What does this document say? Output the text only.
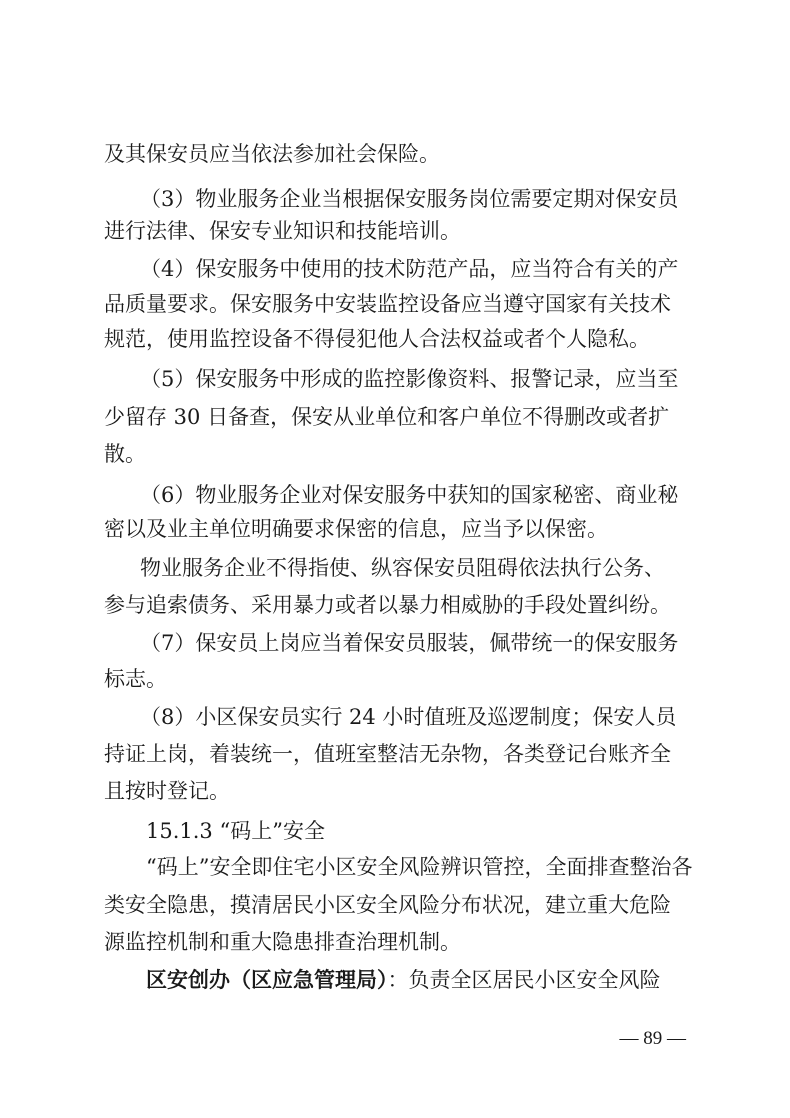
及其保安员应当依法参加社会保险。
（3）物业服务企业当根据保安服务岗位需要定期对保安员
进行法律、保安专业知识和技能培训。
（4）保安服务中使用的技术防范产品，应当符合有关的产
品质量要求。保安服务中安装监控设备应当遵守国家有关技术
规范，使用监控设备不得侵犯他人合法权益或者个人隐私。
（5）保安服务中形成的监控影像资料、报警记录，应当至
少留存 30 日备查，保安从业单位和客户单位不得删改或者扩
散。
（6）物业服务企业对保安服务中获知的国家秘密、商业秘
密以及业主单位明确要求保密的信息，应当予以保密。
物业服务企业不得指使、纵容保安员阻碍依法执行公务、
参与追索债务、采用暴力或者以暴力相威胁的手段处置纠纷。
（7）保安员上岗应当着保安员服装，佩带统一的保安服务
标志。
（8）小区保安员实行 24 小时值班及巡逻制度；保安人员
持证上岗，着装统一，值班室整洁无杂物，各类登记台账齐全
且按时登记。
15.1.3 “码上”安全
“码上”安全即住宅小区安全风险辨识管控，全面排查整治各
类安全隐患，摸清居民小区安全风险分布状况，建立重大危险
源监控机制和重大隐患排查治理机制。
区安创办（区应急管理局）：负责全区居民小区安全风险
— 89 —
